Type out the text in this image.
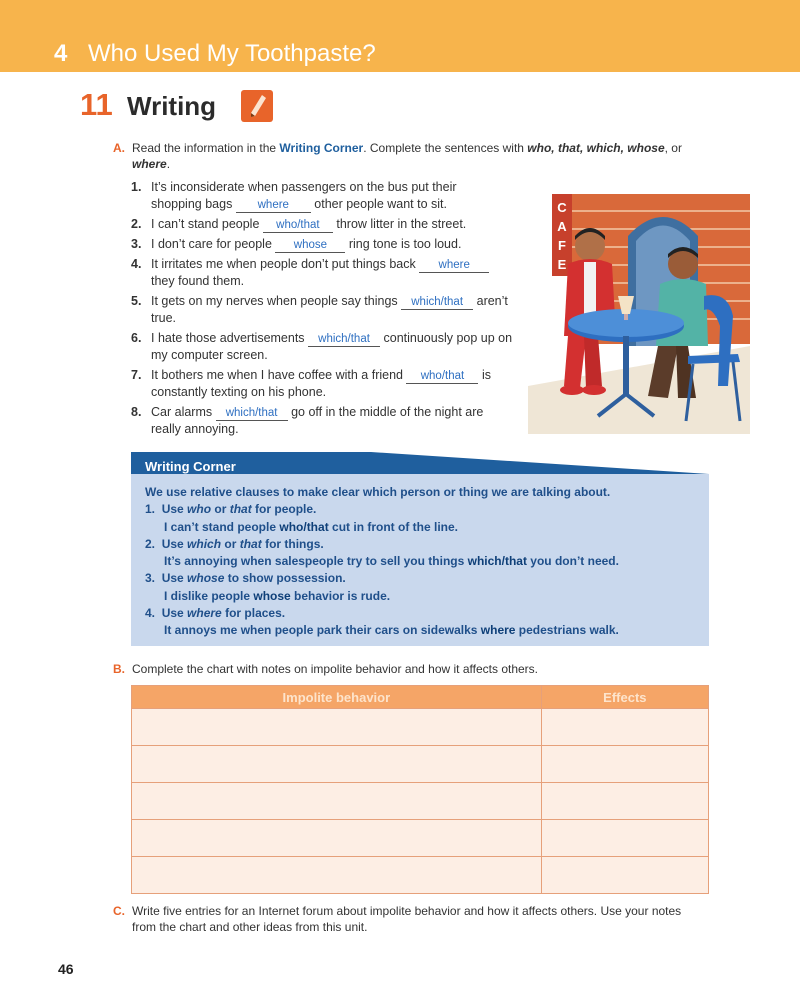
4 Who Used My Toothpaste?
11 Writing
A. Read the information in the Writing Corner. Complete the sentences with who, that, which, whose, or where.
1. It’s inconsiderate when passengers on the bus put their shopping bags where other people want to sit.
2. I can’t stand people who/that throw litter in the street.
3. I don’t care for people whose ring tone is too loud.
4. It irritates me when people don’t put things back where they found them.
5. It gets on my nerves when people say things which/that aren’t true.
6. I hate those advertisements which/that continuously pop up on my computer screen.
7. It bothers me when I have coffee with a friend who/that is constantly texting on his phone.
8. Car alarms which/that go off in the middle of the night are really annoying.
C
A
F
E
Writing Corner
We use relative clauses to make clear which person or thing we are talking about.
1. Use who or that for people.
I can’t stand people who/that cut in front of the line.
2. Use which or that for things.
It’s annoying when salespeople try to sell you things which/that you don’t need.
3. Use whose to show possession.
I dislike people whose behavior is rude.
4. Use where for places.
It annoys me when people park their cars on sidewalks where pedestrians walk.
B. Complete the chart with notes on impolite behavior and how it affects others.
Impolite behavior	Effects

C. Write five entries for an Internet forum about impolite behavior and how it affects others. Use your notes from the chart and other ideas from this unit.
46
